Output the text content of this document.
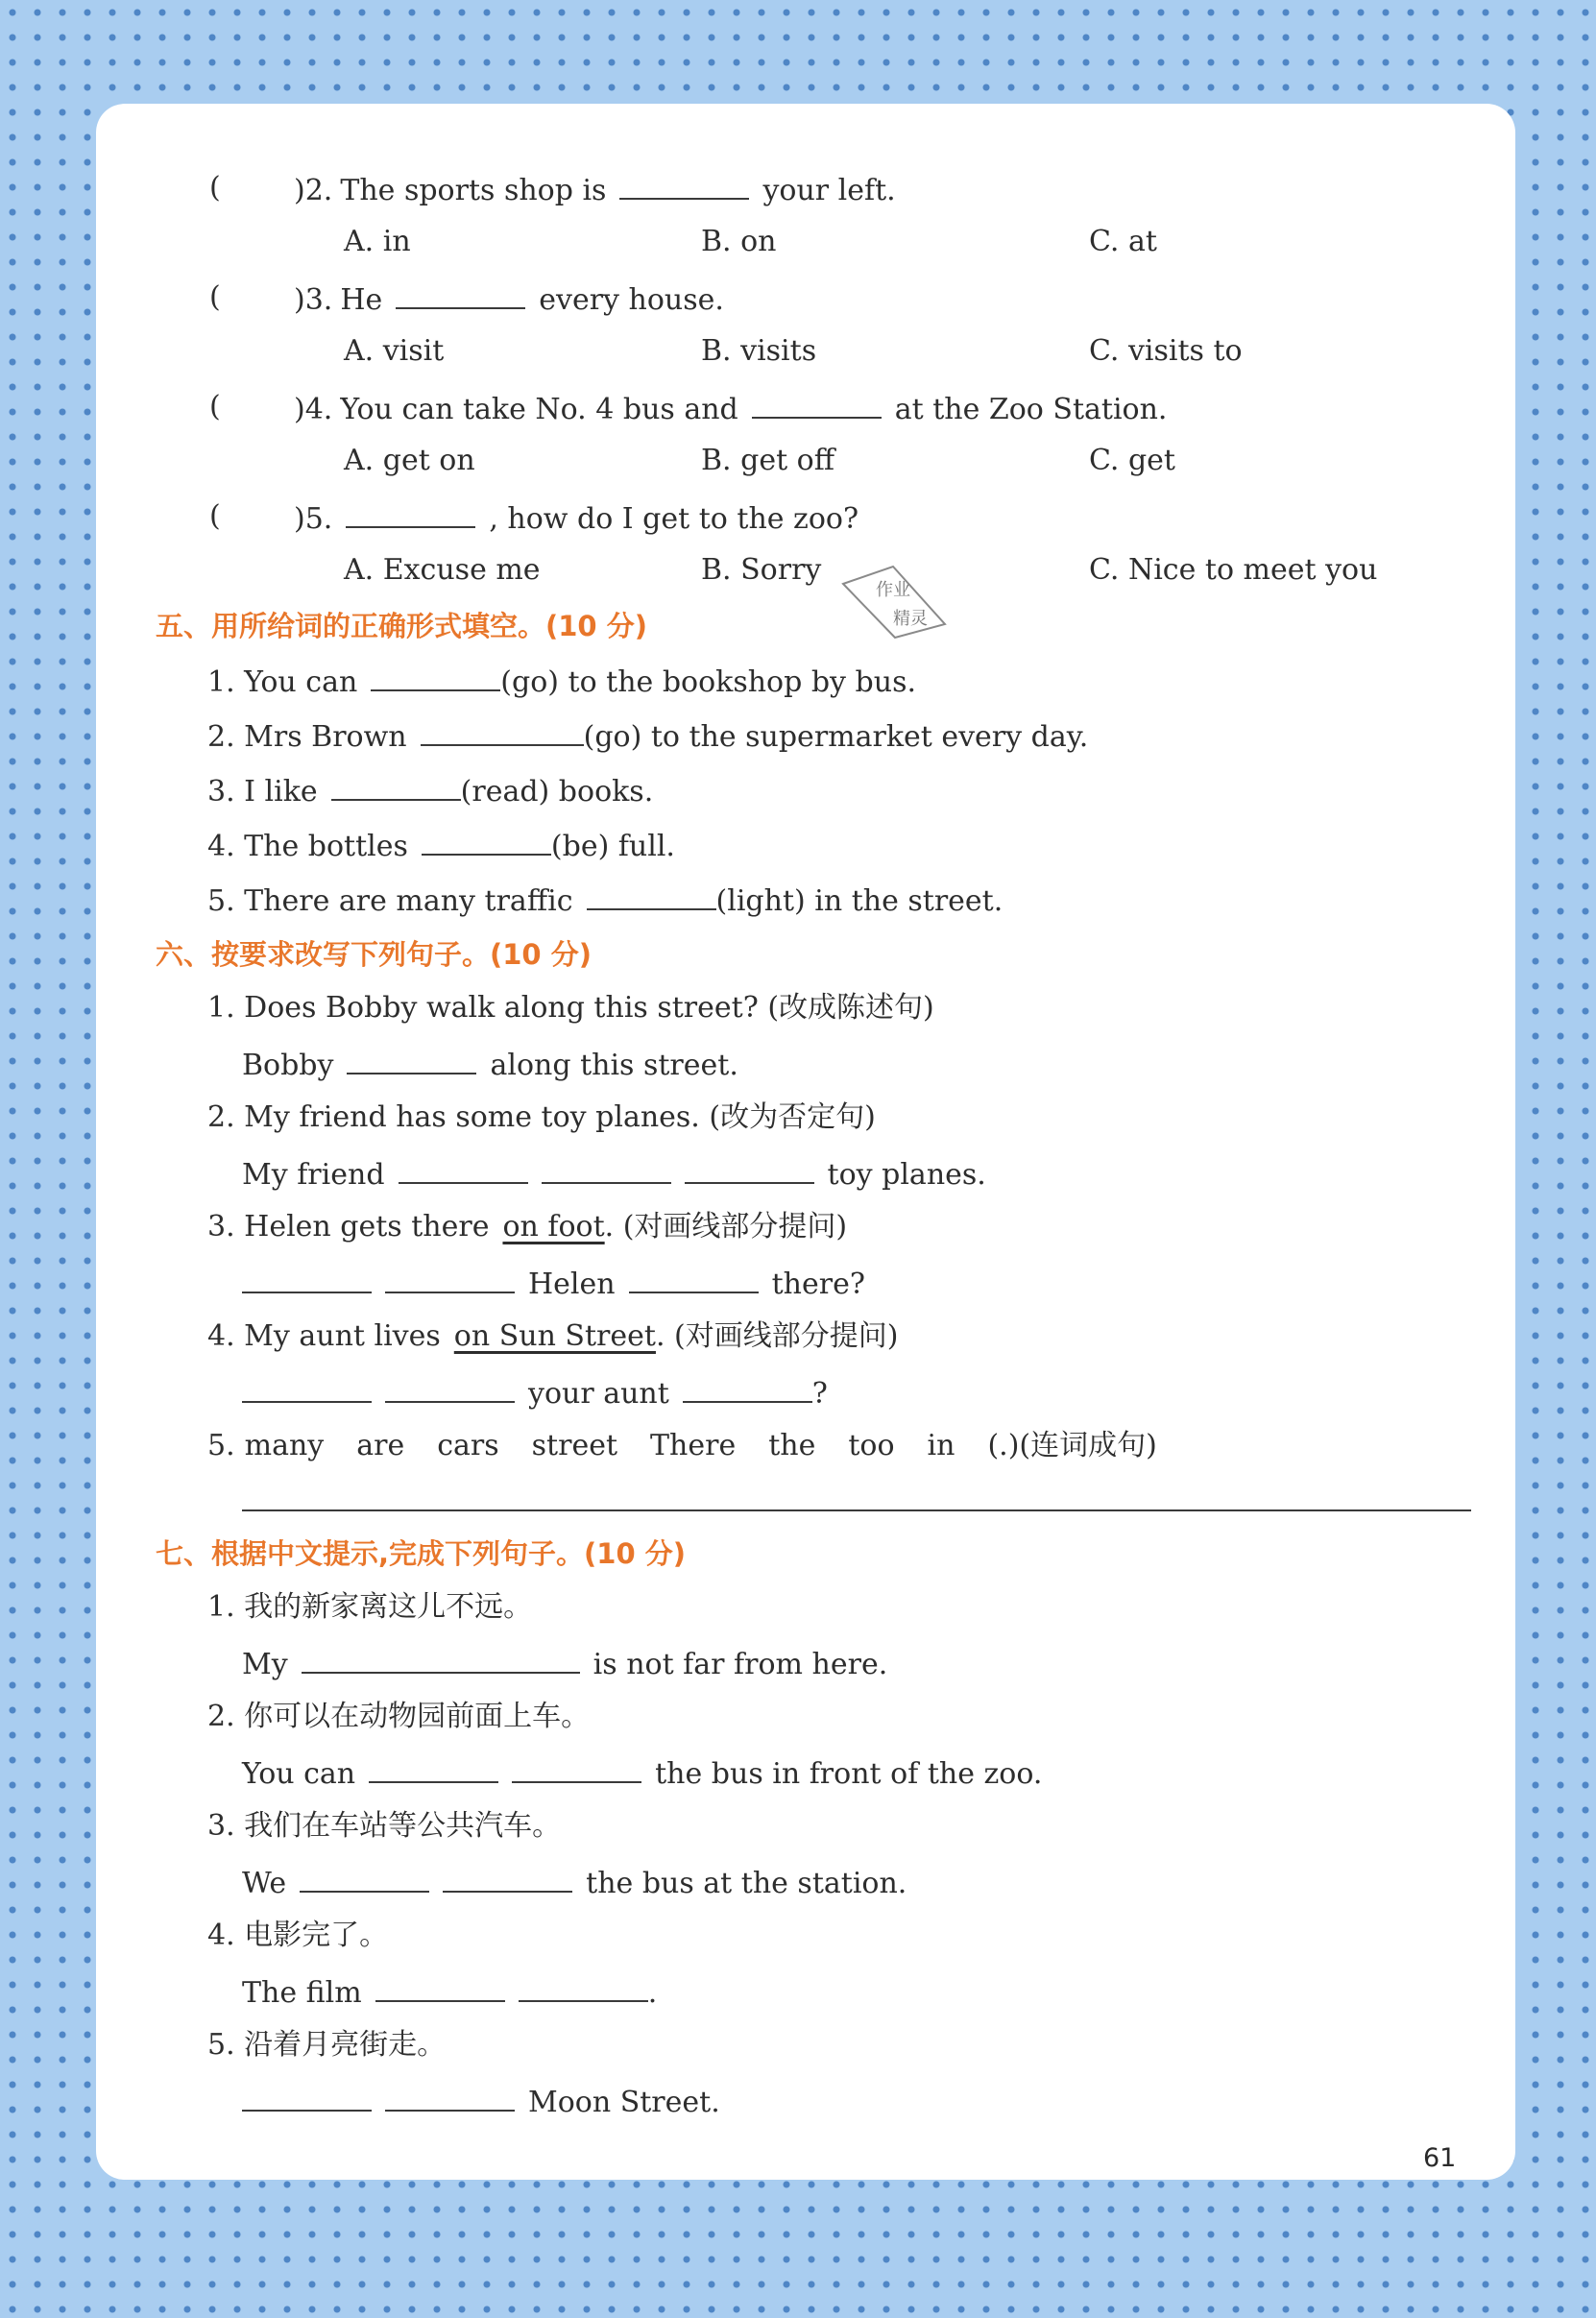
(	)2. The sports shop is	your left.
A. in	B. on	C. at
(	)3. He	every house.
A. visit	B. visits	C. visits to
(	)4. You can take No. 4 bus and	at the Zoo Station.
A. get on	B. get off	C. get
(	)5.	, how do I get to the zoo?
A. Excuse me	B. Sorry	C. Nice to meet you
作业
精灵
五、用所给词的正确形式填空。(10 分)
1. You can	(go) to the bookshop by bus.
2. Mrs Brown	(go) to the supermarket every day.
3. I like	(read) books.
4. The bottles	(be) full.
5. There are many traffic	(light) in the street.
六、按要求改写下列句子。(10 分)
1. Does Bobby walk along this street? (改成陈述句)
Bobby	along this street.
2. My friend has some toy planes. (改为否定句)
My friend	toy planes.
3. Helen gets there on foot . (对画线部分提问)
Helen	there?
4. My aunt lives on Sun Street . (对画线部分提问)
your aunt	?
5. many are cars street There the too in (.)(连词成句)
七、根据中文提示,完成下列句子。(10 分)
1. 我的新家离这儿不远。
My	is not far from here.
2. 你可以在动物园前面上车。
You can	the bus in front of the zoo.
3. 我们在车站等公共汽车。
We	the bus at the station.
4. 电影完了。
The film	.
5. 沿着月亮街走。
Moon Street.
61
